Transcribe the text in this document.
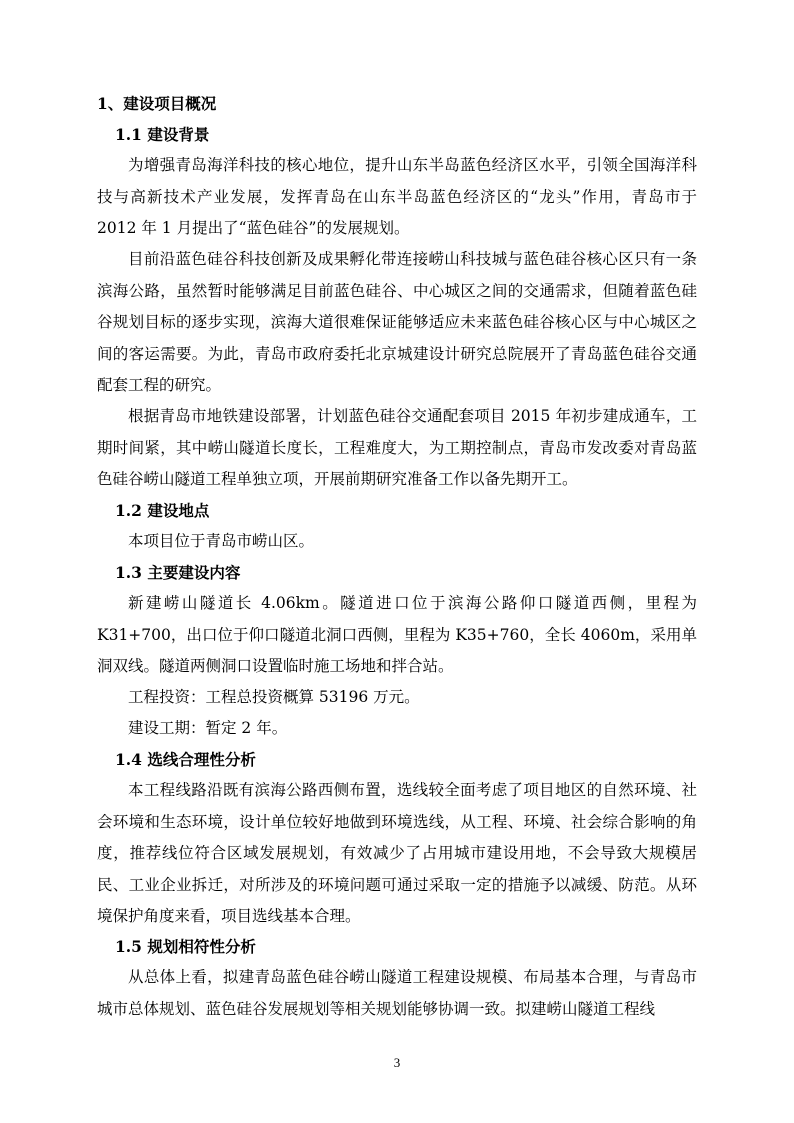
1、建设项目概况
1.1 建设背景

为增强青岛海洋科技的核心地位，提升山东半岛蓝色经济区水平，引领全国海洋科技与高新技术产业发展，发挥青岛在山东半岛蓝色经济区的“龙头”作用，青岛市于 2012 年 1 月提出了“蓝色硅谷”的发展规划。

目前沿蓝色硅谷科技创新及成果孵化带连接崂山科技城与蓝色硅谷核心区只有一条滨海公路，虽然暂时能够满足目前蓝色硅谷、中心城区之间的交通需求，但随着蓝色硅谷规划目标的逐步实现，滨海大道很难保证能够适应未来蓝色硅谷核心区与中心城区之间的客运需要。为此，青岛市政府委托北京城建设计研究总院展开了青岛蓝色硅谷交通配套工程的研究。

根据青岛市地铁建设部署，计划蓝色硅谷交通配套项目 2015 年初步建成通车，工期时间紧，其中崂山隧道长度长，工程难度大，为工期控制点，青岛市发改委对青岛蓝色硅谷崂山隧道工程单独立项，开展前期研究准备工作以备先期开工。

1.2 建设地点

本项目位于青岛市崂山区。

1.3 主要建设内容

新建崂山隧道长 4.06km。隧道进口位于滨海公路仰口隧道西侧，里程为 K31+700，出口位于仰口隧道北洞口西侧，里程为 K35+760，全长 4060m，采用单洞双线。隧道两侧洞口设置临时施工场地和拌合站。

工程投资：工程总投资概算 53196 万元。

建设工期：暂定 2 年。

1.4 选线合理性分析

本工程线路沿既有滨海公路西侧布置，选线较全面考虑了项目地区的自然环境、社会环境和生态环境，设计单位较好地做到环境选线，从工程、环境、社会综合影响的角度，推荐线位符合区域发展规划，有效减少了占用城市建设用地，不会导致大规模居民、工业企业拆迁，对所涉及的环境问题可通过采取一定的措施予以减缓、防范。从环境保护角度来看，项目选线基本合理。

1.5 规划相符性分析

从总体上看，拟建青岛蓝色硅谷崂山隧道工程建设规模、布局基本合理，与青岛市城市总体规划、蓝色硅谷发展规划等相关规划能够协调一致。拟建崂山隧道工程线

3
